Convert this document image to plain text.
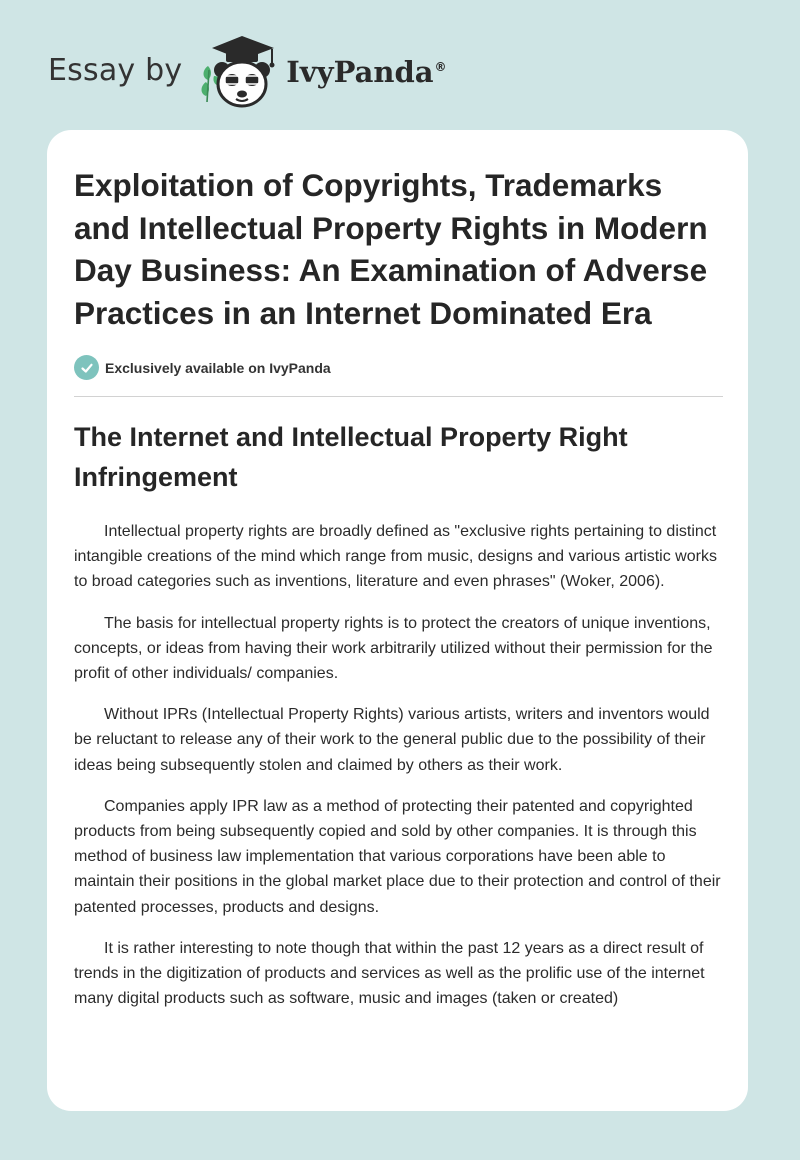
Essay by	IvyPanda®
Exploitation of Copyrights, Trademarks and Intellectual Property Rights in Modern Day Business: An Examination of Adverse Practices in an Internet Dominated Era
Exclusively available on IvyPanda
The Internet and Intellectual Property Right Infringement

Intellectual property rights are broadly defined as "exclusive rights pertaining to distinct intangible creations of the mind which range from music, designs and various artistic works to broad categories such as inventions, literature and even phrases" (Woker, 2006).

The basis for intellectual property rights is to protect the creators of unique inventions, concepts, or ideas from having their work arbitrarily utilized without their permission for the profit of other individuals/ companies.

Without IPRs (Intellectual Property Rights) various artists, writers and inventors would be reluctant to release any of their work to the general public due to the possibility of their ideas being subsequently stolen and claimed by others as their work.

Companies apply IPR law as a method of protecting their patented and copyrighted products from being subsequently copied and sold by other companies. It is through this method of business law implementation that various corporations have been able to maintain their positions in the global market place due to their protection and control of their patented processes, products and designs.

It is rather interesting to note though that within the past 12 years as a direct result of trends in the digitization of products and services as well as the prolific use of the internet many digital products such as software, music and images (taken or created)
